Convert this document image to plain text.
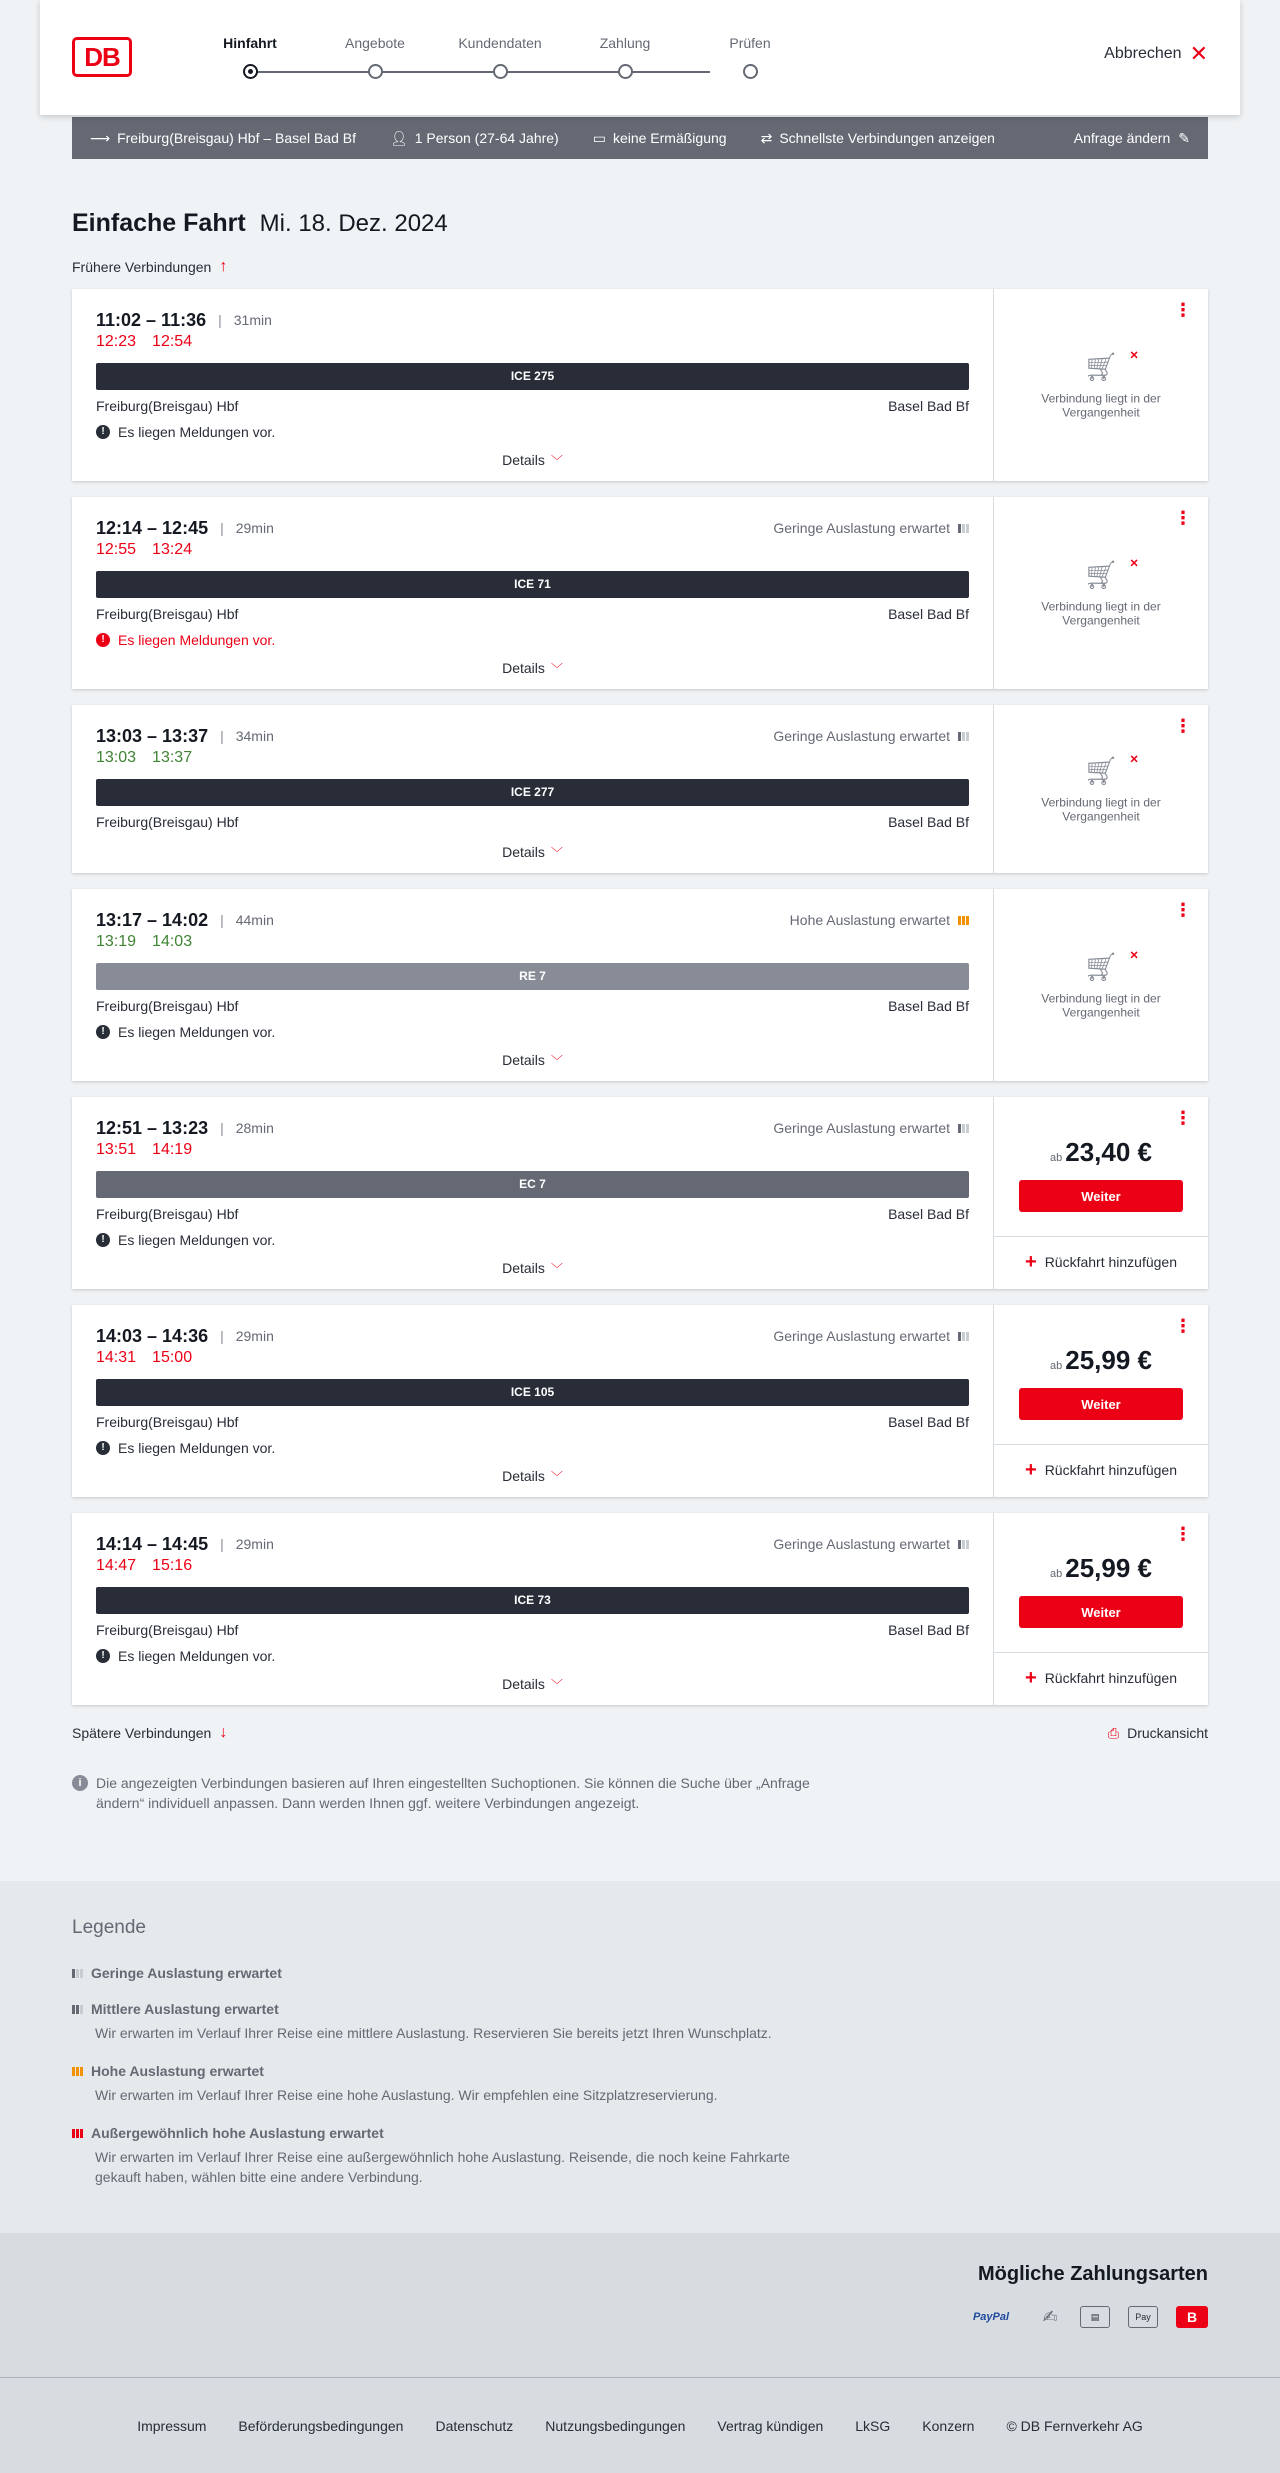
DB	Hinfahrt	Angebote	Kundendaten	Zahlung	Prüfen
Abbrechen ✕
⟶ Freiburg(Breisgau) Hbf – Basel Bad Bf 👤︎ 1 Person (27-64 Jahre) ▭ keine Ermäßigung ⇄ Schnellste Verbindungen anzeigen	Anfrage ändern ✎
Einfache Fahrt Mi. 18. Dez. 2024
Frühere Verbindungen ↑
11:02 – 11:36 | 31min
12:23 12:54
ICE 275
Freiburg(Breisgau) Hbf	Basel Bad Bf
! Es liegen Meldungen vor.
Details ﹀
⋮
🛒︎ ×
Verbindung liegt in der Vergangenheit
12:14 – 12:45 | 29min	Geringe Auslastung erwartet
12:55 13:24
ICE 71
Freiburg(Breisgau) Hbf	Basel Bad Bf
! Es liegen Meldungen vor.
Details ﹀
⋮
🛒︎ ×
Verbindung liegt in der Vergangenheit
13:03 – 13:37 | 34min	Geringe Auslastung erwartet
13:03 13:37
ICE 277
Freiburg(Breisgau) Hbf	Basel Bad Bf
Details ﹀
⋮
🛒︎ ×
Verbindung liegt in der Vergangenheit
13:17 – 14:02 | 44min	Hohe Auslastung erwartet
13:19 14:03
RE 7
Freiburg(Breisgau) Hbf	Basel Bad Bf
! Es liegen Meldungen vor.
Details ﹀
⋮
🛒︎ ×
Verbindung liegt in der Vergangenheit
12:51 – 13:23 | 28min	Geringe Auslastung erwartet
13:51 14:19
EC 7
Freiburg(Breisgau) Hbf	Basel Bad Bf
! Es liegen Meldungen vor.
Details ﹀
⋮
ab 23,40 €
Weiter
+ Rückfahrt hinzufügen
14:03 – 14:36 | 29min	Geringe Auslastung erwartet
14:31 15:00
ICE 105
Freiburg(Breisgau) Hbf	Basel Bad Bf
! Es liegen Meldungen vor.
Details ﹀
⋮
ab 25,99 €
Weiter
+ Rückfahrt hinzufügen
14:14 – 14:45 | 29min	Geringe Auslastung erwartet
14:47 15:16
ICE 73
Freiburg(Breisgau) Hbf	Basel Bad Bf
! Es liegen Meldungen vor.
Details ﹀
⋮
ab 25,99 €
Weiter
+ Rückfahrt hinzufügen
Spätere Verbindungen ↓	⎙ Druckansicht
i	Die angezeigten Verbindungen basieren auf Ihren eingestellten Suchoptionen. Sie können die Suche über „Anfrage ändern“ individuell anpassen. Dann werden Ihnen ggf. weitere Verbindungen angezeigt.
Legende
Geringe Auslastung erwartet
Mittlere Auslastung erwartet
Wir erwarten im Verlauf Ihrer Reise eine mittlere Auslastung. Reservieren Sie bereits jetzt Ihren Wunschplatz.
Hohe Auslastung erwartet
Wir erwarten im Verlauf Ihrer Reise eine hohe Auslastung. Wir empfehlen eine Sitzplatzreservierung.
Außergewöhnlich hohe Auslastung erwartet
Wir erwarten im Verlauf Ihrer Reise eine außergewöhnlich hohe Auslastung. Reisende, die noch keine Fahrkarte gekauft haben, wählen bitte eine andere Verbindung.
Mögliche Zahlungsarten
PayPal	✍	▤	Pay	B
Impressum Beförderungsbedingungen Datenschutz Nutzungsbedingungen Vertrag kündigen LkSG Konzern © DB Fernverkehr AG
